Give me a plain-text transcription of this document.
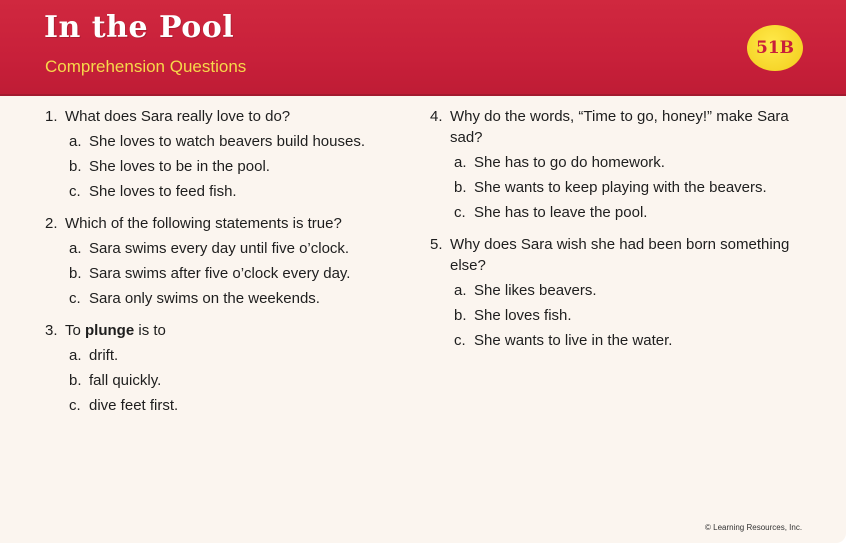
In the Pool
Comprehension Questions
51B
1. What does Sara really love to do?
a. She loves to watch beavers build houses.
b. She loves to be in the pool.
c. She loves to feed fish.
2. Which of the following statements is true?
a. Sara swims every day until five o’clock.
b. Sara swims after five o’clock every day.
c. Sara only swims on the weekends.
3. To plunge is to
a. drift.
b. fall quickly.
c. dive feet first.
4. Why do the words, “Time to go, honey!” make Sara sad?
a. She has to go do homework.
b. She wants to keep playing with the beavers.
c. She has to leave the pool.
5. Why does Sara wish she had been born something else?
a. She likes beavers.
b. She loves fish.
c. She wants to live in the water.
© Learning Resources, Inc.
